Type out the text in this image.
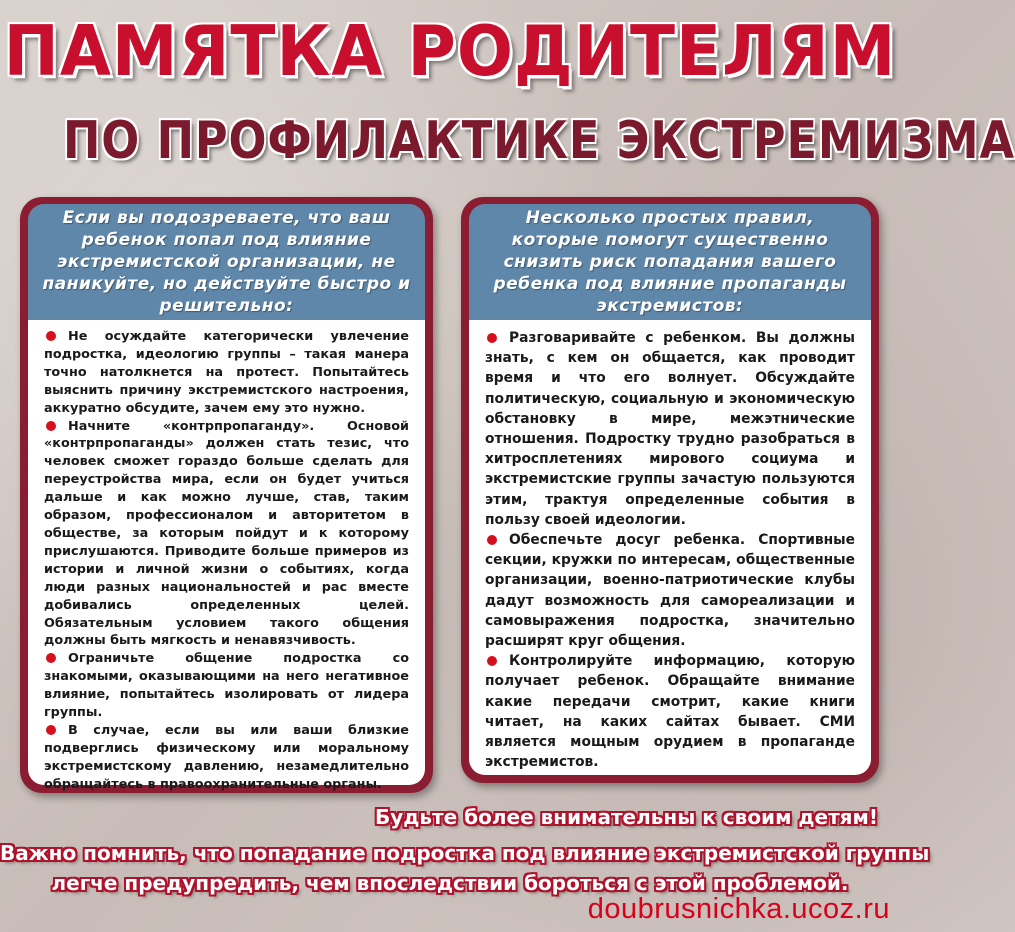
ПАМЯТКА РОДИТЕЛЯМ
ПО ПРОФИЛАКТИКЕ ЭКСТРЕМИЗМА

Если вы подозреваете, что ваш ребенок попал под влияние экстремистской организации, не паникуйте, но действуйте быстро и решительно:

Не осуждайте категорически увлечение подростка, идеологию группы – такая манера точно натолкнется на протест. Попытайтесь выяснить причину экстремистского настроения, аккуратно обсудите, зачем ему это нужно.

Начните «контрпропаганду». Основой «контрпропаганды» должен стать тезис, что человек сможет гораздо больше сделать для переустройства мира, если он будет учиться дальше и как можно лучше, став, таким образом, профессионалом и авторитетом в обществе, за которым пойдут и к которому прислушаются. Приводите больше примеров из истории и личной жизни о событиях, когда люди разных национальностей и рас вместе добивались определенных целей. Обязательным условием такого общения должны быть мягкость и ненавязчивость.

Ограничьте общение подростка со знакомыми, оказывающими на него негативное влияние, попытайтесь изолировать от лидера группы.

В случае, если вы или ваши близкие подверглись физическому или моральному экстремистскому давлению, незамедлительно обращайтесь в правоохранительные органы.

Несколько простых правил, которые помогут существенно снизить риск попадания вашего ребенка под влияние пропаганды экстремистов:

Разговаривайте с ребенком. Вы должны знать, с кем он общается, как проводит время и что его волнует. Обсуждайте политическую, социальную и экономическую обстановку в мире, межэтнические отношения. Подростку трудно разобраться в хитросплетениях мирового социума и экстремистские группы зачастую пользуются этим, трактуя определенные события в пользу своей идеологии.

Обеспечьте досуг ребенка. Спортивные секции, кружки по интересам, общественные организации, военно-патриотические клубы дадут возможность для самореализации и самовыражения подростка, значительно расширят круг общения.

Контролируйте информацию, которую получает ребенок. Обращайте внимание какие передачи смотрит, какие книги читает, на каких сайтах бывает. СМИ является мощным орудием в пропаганде экстремистов.

Будьте более внимательны к своим детям!

Важно помнить, что попадание подростка под влияние экстремистской группы

легче предупредить, чем впоследствии бороться с этой проблемой.

doubrusnichka.ucoz.ru
